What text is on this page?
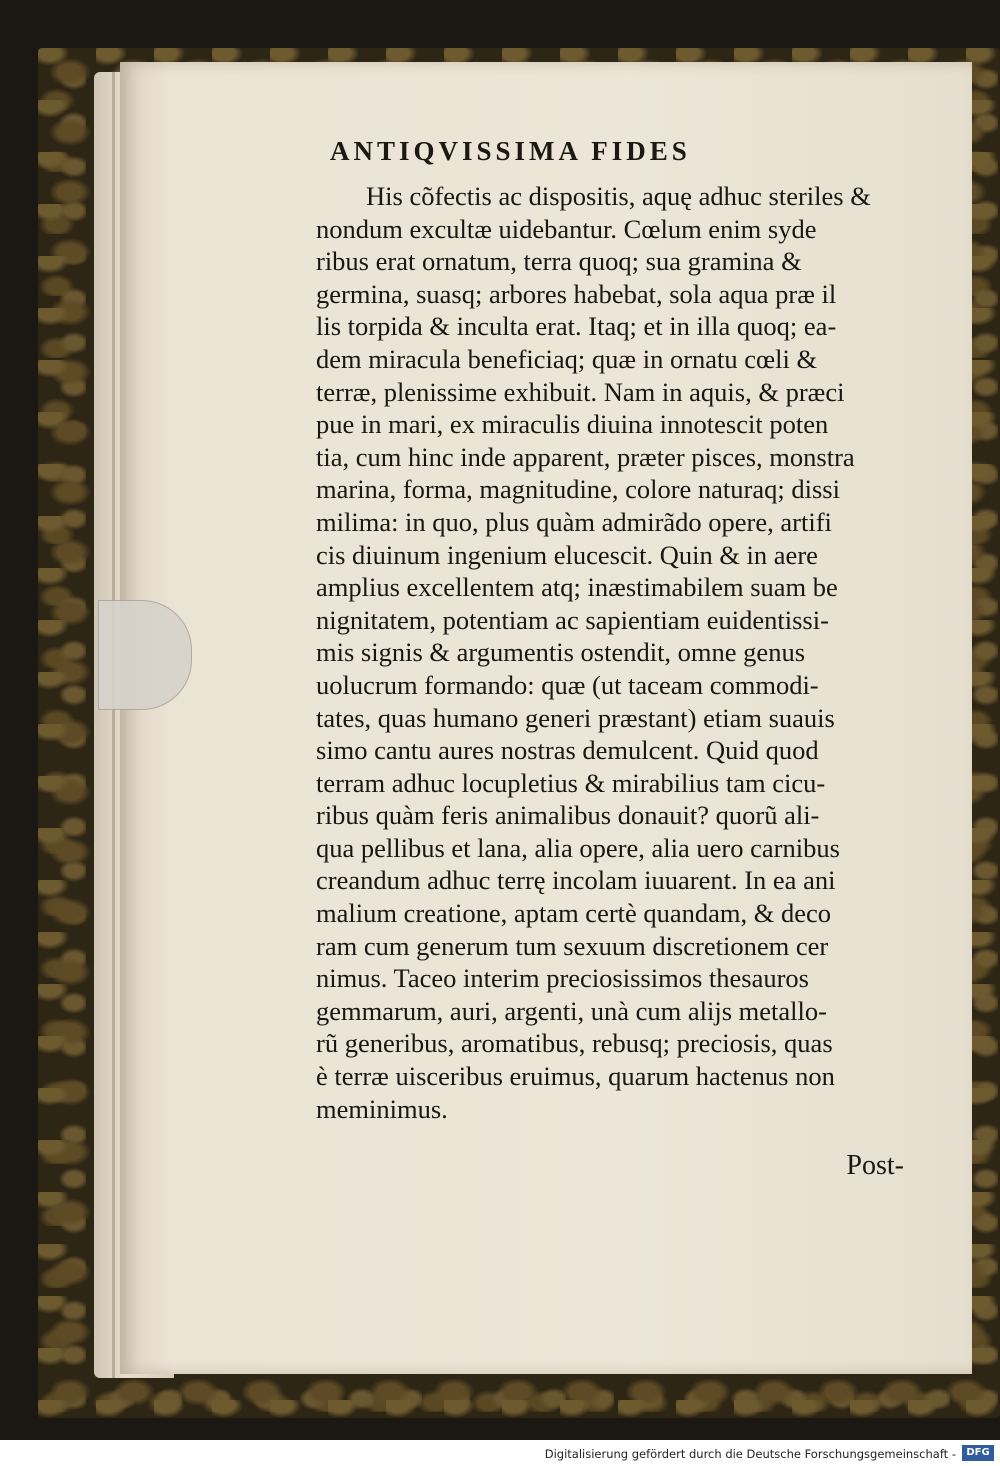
ANTIQVISSIMA FIDES
His cõfectis ac dispositis, aquę adhuc steriles &
nondum excultæ uidebantur. Cœlum enim syde
ribus erat ornatum, terra quoq; sua gramina &
germina, suasq; arbores habebat, sola aqua præ il
lis torpida & inculta erat. Itaq; et in illa quoq; ea-
dem miracula beneficiaq; quæ in ornatu cœli &
terræ, plenissime exhibuit. Nam in aquis, & præci
pue in mari, ex miraculis diuina innotescit poten
tia, cum hinc inde apparent, præter pisces, monstra
marina, forma, magnitudine, colore naturaq; dissi
milima: in quo, plus quàm admirãdo opere, artifi
cis diuinum ingenium elucescit. Quin & in aere
amplius excellentem atq; inæstimabilem suam be
nignitatem, potentiam ac sapientiam euidentissi-
mis signis & argumentis ostendit, omne genus
uolucrum formando: quæ (ut taceam commodi-
tates, quas humano generi præstant) etiam suauis
simo cantu aures nostras demulcent. Quid quod
terram adhuc locupletius & mirabilius tam cicu-
ribus quàm feris animalibus donauit? quorũ ali-
qua pellibus et lana, alia opere, alia uero carnibus
creandum adhuc terrę incolam iuuarent. In ea ani
malium creatione, aptam certè quandam, & deco
ram cum generum tum sexuum discretionem cer
nimus. Taceo interim preciosissimos thesauros
gemmarum, auri, argenti, unà cum alijs metallo-
rũ generibus, aromatibus, rebusq; preciosis, quas
è terræ uisceribus eruimus, quarum hactenus non
meminimus.
Post-
Digitalisierung gefördert durch die Deutsche Forschungsgemeinschaft -	DFG
